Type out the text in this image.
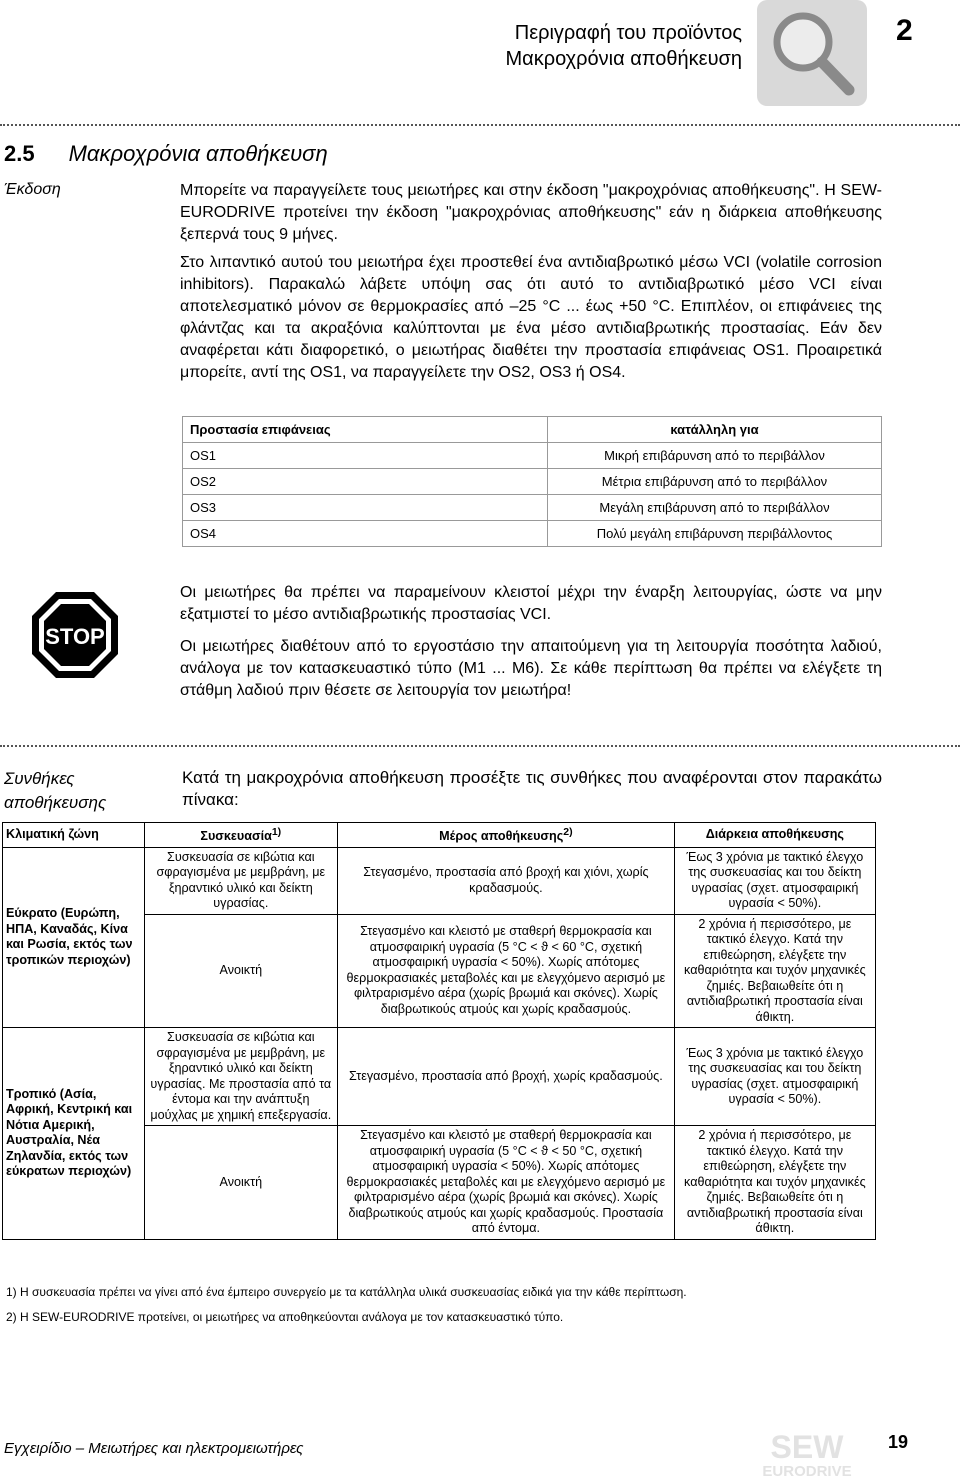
Περιγραφή του προϊόντος
Μακροχρόνια αποθήκευση
2
2.5 Μακροχρόνια αποθήκευση
Έκδοση	Μπορείτε να παραγγείλετε τους μειωτήρες και στην έκδοση "μακροχρόνιας αποθήκευσης". Η SEW-EURODRIVE προτείνει την έκδοση "μακροχρόνιας αποθήκευσης" εάν η διάρκεια αποθήκευσης ξεπερνά τους 9 μήνες.

Στο λιπαντικό αυτού του μειωτήρα έχει προστεθεί ένα αντιδιαβρωτικό μέσω VCI (volatile corrosion inhibitors). Παρακαλώ λάβετε υπόψη σας ότι αυτό το αντιδιαβρωτικό μέσο VCI είναι αποτελεσματικό μόνον σε θερμοκρασίες από –25 °C ... έως +50 °C. Επιπλέον, οι επιφάνειες της φλάντζας και τα ακραξόνια καλύπτονται με ένα μέσο αντιδιαβρωτικής προστασίας. Εάν δεν αναφέρεται κάτι διαφορετικό, ο μειωτήρας διαθέτει την προστασία επιφάνειας OS1. Προαιρετικά μπορείτε, αντί της OS1, να παραγγείλετε την OS2, OS3 ή OS4.

Προστασία επιφάνειας	κατάλληλη για
OS1	Μικρή επιβάρυνση από το περιβάλλον
OS2	Μέτρια επιβάρυνση από το περιβάλλον
OS3	Μεγάλη επιβάρυνση από το περιβάλλον
OS4	Πολύ μεγάλη επιβάρυνση περιβάλλοντος
STOP

Οι μειωτήρες θα πρέπει να παραμείνουν κλειστοί μέχρι την έναρξη λειτουργίας, ώστε να μην εξατμιστεί το μέσο αντιδιαβρωτικής προστασίας VCI.

Οι μειωτήρες διαθέτουν από το εργοστάσιο την απαιτούμενη για τη λειτουργία ποσότητα λαδιού, ανάλογα με τον κατασκευαστικό τύπο (M1 ... M6). Σε κάθε περίπτωση θα πρέπει να ελέγξετε τη στάθμη λαδιού πριν θέσετε σε λειτουργία τον μειωτήρα!

Συνθήκες
αποθήκευσης
Κατά τη μακροχρόνια αποθήκευση προσέξτε τις συνθήκες που αναφέρονται στον παρακάτω πίνακα:
Κλιματική ζώνη	Συσκευασία$^{1)}$	Μέρος αποθήκευσης$^{2)}$	Διάρκεια αποθήκευσης
Εύκρατο (Ευρώπη, ΗΠΑ, Καναδάς, Κίνα και Ρωσία, εκτός των τροπικών περιοχών)	Συσκευασία σε κιβώτια και σφραγισμένα με μεμβράνη, με ξηραντικό υλικό και δείκτη υγρασίας.	Στεγασμένο, προστασία από βροχή και χιόνι, χωρίς κραδασμούς.	Έως 3 χρόνια με τακτικό έλεγχο της συσκευασίας και του δείκτη υγρασίας (σχετ. ατμοσφαιρική υγρασία < 50%).
	Ανοικτή	Στεγασμένο και κλειστό με σταθερή θερμοκρασία και ατμοσφαιρική υγρασία (5 °C < ϑ < 60 °C, σχετική ατμοσφαιρική υγρασία < 50%). Χωρίς απότομες θερμοκρασιακές μεταβολές και με ελεγχόμενο αερισμό με φιλτραρισμένο αέρα (χωρίς βρωμιά και σκόνες). Χωρίς διαβρωτικούς ατμούς και χωρίς κραδασμούς.	2 χρόνια ή περισσότερο, με τακτικό έλεγχο. Κατά την επιθεώρηση, ελέγξετε την καθαριότητα και τυχόν μηχανικές ζημιές. Βεβαιωθείτε ότι η αντιδιαβρωτική προστασία είναι άθικτη.
Τροπικό (Ασία, Αφρική, Κεντρική και Νότια Αμερική, Αυστραλία, Νέα Ζηλανδία, εκτός των εύκρατων περιοχών)	Συσκευασία σε κιβώτια και σφραγισμένα με μεμβράνη, με ξηραντικό υλικό και δείκτη υγρασίας. Με προστασία από τα έντομα και την ανάπτυξη μούχλας με χημική επεξεργασία.	Στεγασμένο, προστασία από βροχή, χωρίς κραδασμούς.	Έως 3 χρόνια με τακτικό έλεγχο της συσκευασίας και του δείκτη υγρασίας (σχετ. ατμοσφαιρική υγρασία < 50%).
	Ανοικτή	Στεγασμένο και κλειστό με σταθερή θερμοκρασία και ατμοσφαιρική υγρασία (5 °C < ϑ < 50 °C, σχετική ατμοσφαιρική υγρασία < 50%). Χωρίς απότομες θερμοκρασιακές μεταβολές και με ελεγχόμενο αερισμό με φιλτραρισμένο αέρα (χωρίς βρωμιά και σκόνες). Χωρίς διαβρωτικούς ατμούς και χωρίς κραδασμούς. Προστασία από έντομα.	2 χρόνια ή περισσότερο, με τακτικό έλεγχο. Κατά την επιθεώρηση, ελέγξετε την καθαριότητα και τυχόν μηχανικές ζημιές. Βεβαιωθείτε ότι η αντιδιαβρωτική προστασία είναι άθικτη.
1) Η συσκευασία πρέπει να γίνει από ένα έμπειρο συνεργείο με τα κατάλληλα υλικά συσκευασίας ειδικά για την κάθε περίπτωση.
2) Η SEW-EURODRIVE προτείνει, οι μειωτήρες να αποθηκεύονται ανάλογα με τον κατασκευαστικό τύπο.
Εγχειρίδιο – Μειωτήρες και ηλεκτρομειωτήρες	SEW
EURODRIVE
19
